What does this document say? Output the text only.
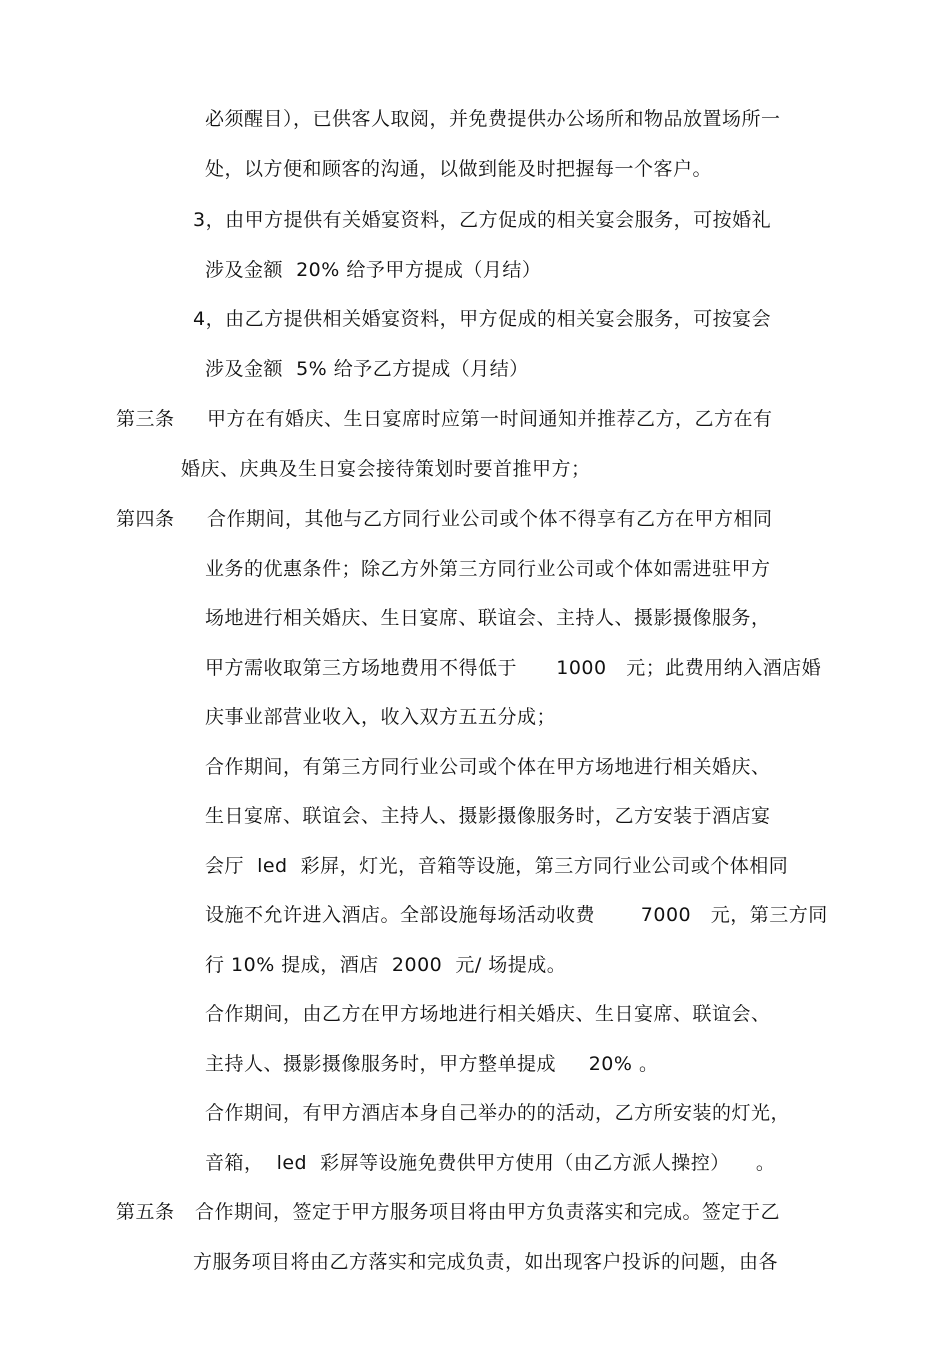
必须醒目），已供客人取阅，并免费提供办公场所和物品放置场所一
处，以方便和顾客的沟通，以做到能及时把握每一个客户。
3，由甲方提供有关婚宴资料，乙方促成的相关宴会服务，可按婚礼
涉及金额  20% 给予甲方提成（月结）
4，由乙方提供相关婚宴资料，甲方促成的相关宴会服务，可按宴会
涉及金额  5% 给予乙方提成（月结）
第三条 甲方在有婚庆、生日宴席时应第一时间通知并推荐乙方，乙方在有
婚庆、庆典及生日宴会接待策划时要首推甲方；
第四条 合作期间，其他与乙方同行业公司或个体不得享有乙方在甲方相同
业务的优惠条件；除乙方外第三方同行业公司或个体如需进驻甲方
场地进行相关婚庆、生日宴席、联谊会、主持人、摄影摄像服务，
甲方需收取第三方场地费用不得低于      1000   元；此费用纳入酒店婚
庆事业部营业收入，收入双方五五分成；
合作期间，有第三方同行业公司或个体在甲方场地进行相关婚庆、
生日宴席、联谊会、主持人、摄影摄像服务时，乙方安装于酒店宴
会厅  led  彩屏，灯光，音箱等设施，第三方同行业公司或个体相同
设施不允许进入酒店。全部设施每场活动收费       7000   元，第三方同
行 10% 提成，酒店  2000  元/ 场提成。
合作期间，由乙方在甲方场地进行相关婚庆、生日宴席、联谊会、
主持人、摄影摄像服务时，甲方整单提成     20% 。
合作期间，有甲方酒店本身自己举办的的活动，乙方所安装的灯光，
音箱，  led  彩屏等设施免费供甲方使用（由乙方派人操控）    。
第五条 合作期间，签定于甲方服务项目将由甲方负责落实和完成。签定于乙
方服务项目将由乙方落实和完成负责，如出现客户投诉的问题，由各
